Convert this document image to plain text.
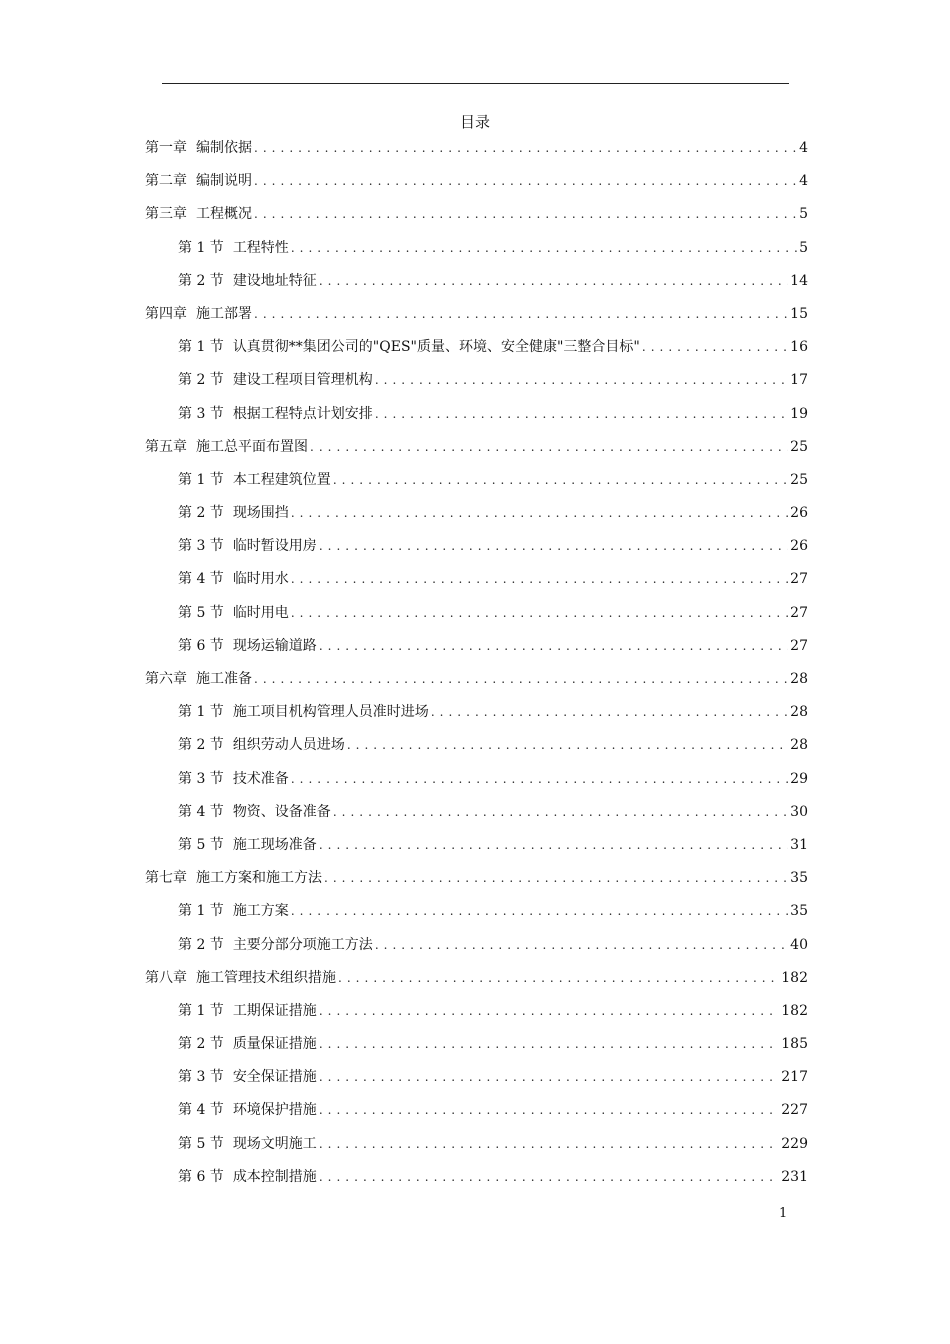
目录
第一章 编制依据 . . .	4
第二章 编制说明 . . .	4
第三章 工程概况 . . .	5
第 1 节 工程特性 . . .	5
第 2 节 建设地址特征 . . .	14
第四章 施工部署 . . .	15
第 1 节 认真贯彻**集团公司的"QES"质量、环境、安全健康"三整合目标" . . .	16
第 2 节 建设工程项目管理机构 . . .	17
第 3 节 根据工程特点计划安排 . . .	19
第五章 施工总平面布置图 . . .	25
第 1 节 本工程建筑位置 . . .	25
第 2 节 现场围挡 . . .	26
第 3 节 临时暂设用房 . . .	26
第 4 节 临时用水 . . .	27
第 5 节 临时用电 . . .	27
第 6 节 现场运输道路 . . .	27
第六章 施工准备 . . .	28
第 1 节 施工项目机构管理人员准时进场 . . .	28
第 2 节 组织劳动人员进场 . . .	28
第 3 节 技术准备 . . .	29
第 4 节 物资、设备准备 . . .	30
第 5 节 施工现场准备 . . .	31
第七章 施工方案和施工方法 . . .	35
第 1 节 施工方案 . . .	35
第 2 节 主要分部分项施工方法 . . .	40
第八章 施工管理技术组织措施 . . .	182
第 1 节 工期保证措施 . . .	182
第 2 节 质量保证措施 . . .	185
第 3 节 安全保证措施 . . .	217
第 4 节 环境保护措施 . . .	227
第 5 节 现场文明施工 . . .	229
第 6 节 成本控制措施 . . .	231
1
